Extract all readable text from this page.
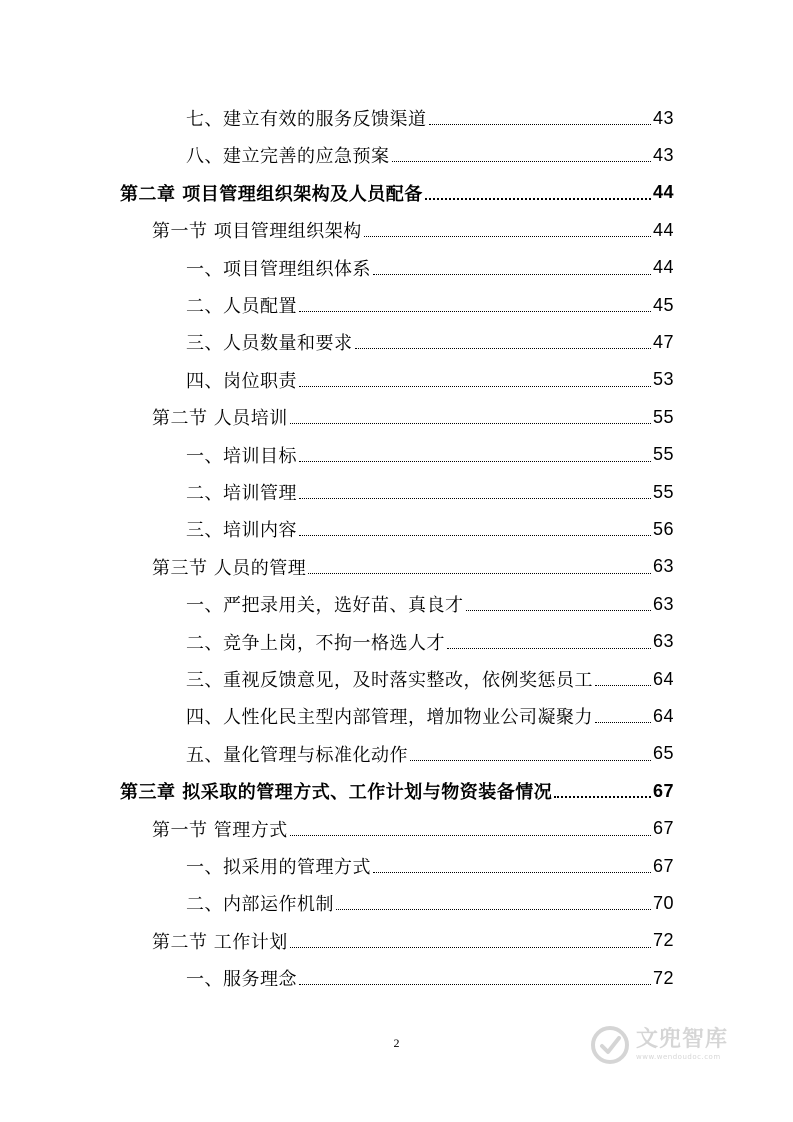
七、建立有效的服务反馈渠道	43
八、建立完善的应急预案	43
第二章 项目管理组织架构及人员配备	44
第一节 项目管理组织架构	44
一、项目管理组织体系	44
二、人员配置	45
三、人员数量和要求	47
四、岗位职责	53
第二节 人员培训	55
一、培训目标	55
二、培训管理	55
三、培训内容	56
第三节 人员的管理	63
一、严把录用关，选好苗、真良才	63
二、竞争上岗，不拘一格选人才	63
三、重视反馈意见，及时落实整改，依例奖惩员工	64
四、人性化民主型内部管理，增加物业公司凝聚力	64
五、量化管理与标准化动作	65
第三章 拟采取的管理方式、工作计划与物资装备情况	67
第一节 管理方式	67
一、拟采用的管理方式	67
二、内部运作机制	70
第二节 工作计划	72
一、服务理念	72
2	文兜智库
www.wendoudoc.com
